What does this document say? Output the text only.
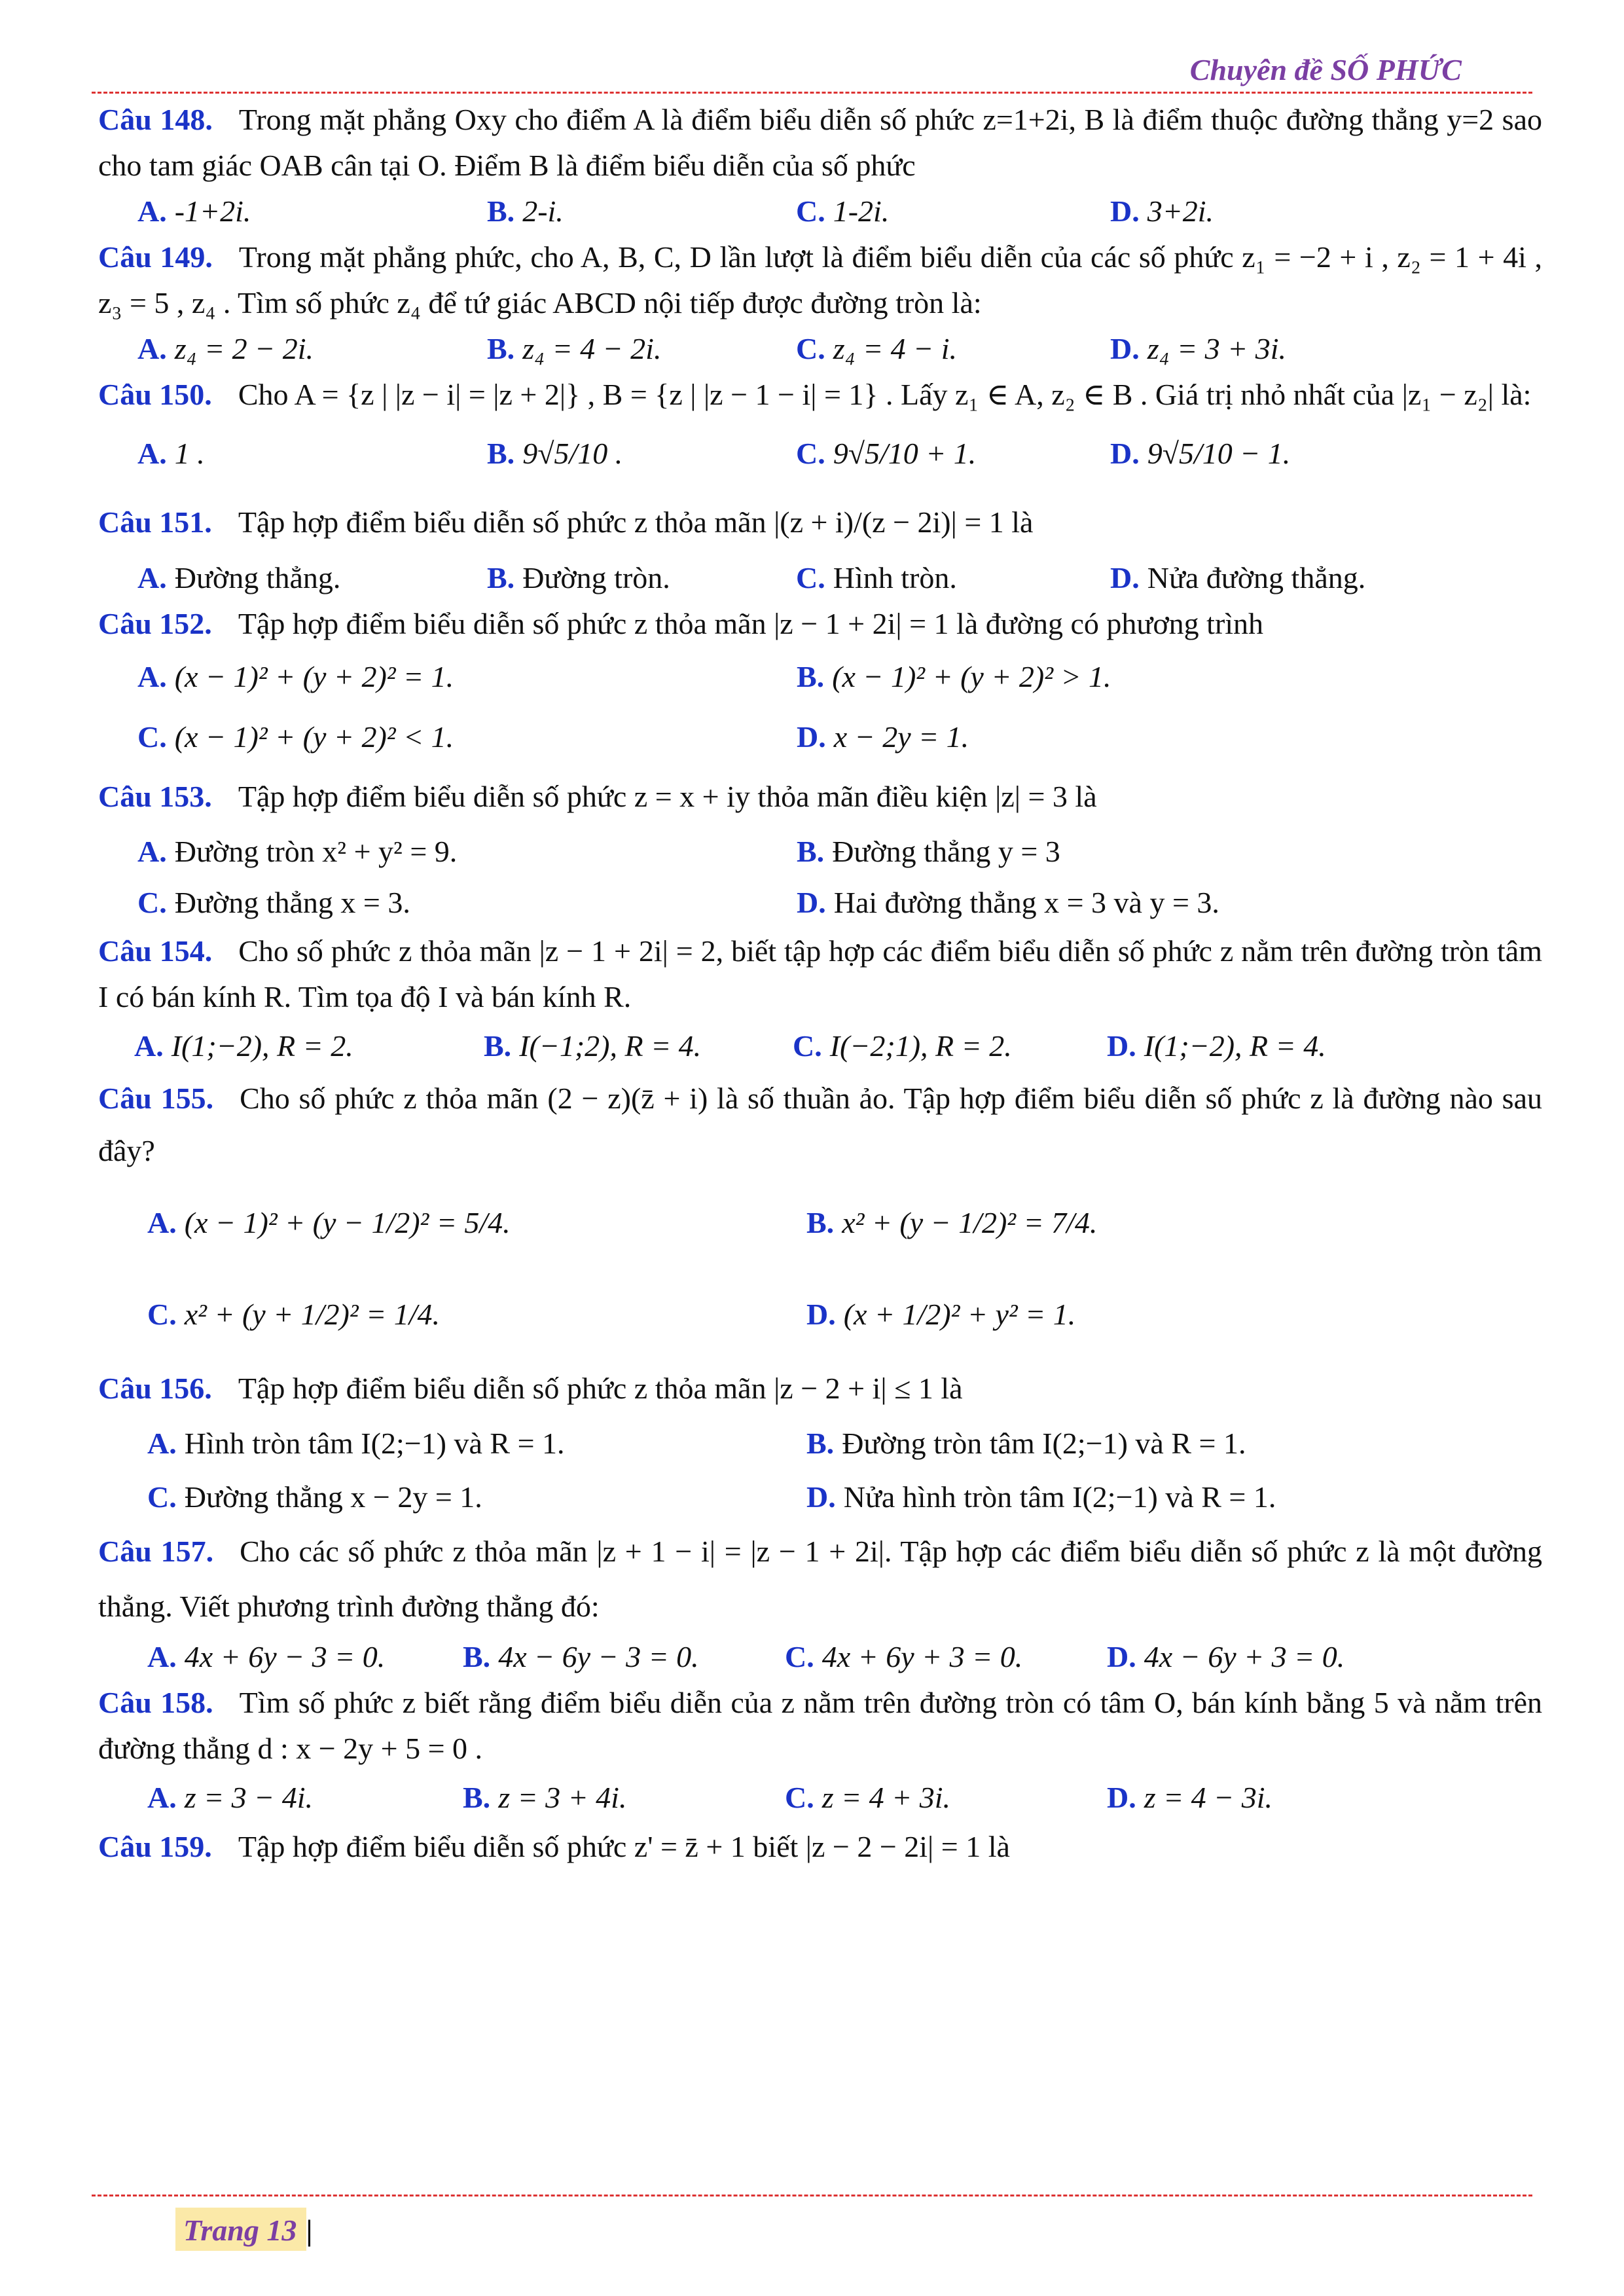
Chuyên đề SỐ PHỨC
Câu 148. Trong mặt phẳng Oxy cho điểm A là điểm biểu diễn số phức z=1+2i, B là điểm thuộc đường thẳng y=2 sao cho tam giác OAB cân tại O. Điểm B là điểm biểu diễn của số phức
A. -1+2i.	B. 2-i.	C. 1-2i.	D. 3+2i.
Câu 149. Trong mặt phẳng phức, cho A, B, C, D lần lượt là điểm biểu diễn của các số phức z₁ = −2 + i , z₂ = 1 + 4i , z₃ = 5 , z₄ . Tìm số phức z₄ để tứ giác ABCD nội tiếp được đường tròn là:
A. z₄ = 2 − 2i.	B. z₄ = 4 − 2i.	C. z₄ = 4 − i.	D. z₄ = 3 + 3i.
Câu 150. Cho A = {z | |z − i| = |z + 2|} , B = {z | |z − 1 − i| = 1} . Lấy z₁ ∈ A, z₂ ∈ B . Giá trị nhỏ nhất của |z₁ − z₂| là:
A. 1 .	B. 9√5/10 .	C. 9√5/10 + 1.	D. 9√5/10 − 1.
Câu 151. Tập hợp điểm biểu diễn số phức z thỏa mãn |(z + i)/(z − 2i)| = 1 là
A. Đường thẳng.	B. Đường tròn.	C. Hình tròn.	D. Nửa đường thẳng.
Câu 152. Tập hợp điểm biểu diễn số phức z thỏa mãn |z − 1 + 2i| = 1 là đường có phương trình
A. (x − 1)² + (y + 2)² = 1.	B. (x − 1)² + (y + 2)² > 1.
C. (x − 1)² + (y + 2)² < 1.	D. x − 2y = 1.
Câu 153. Tập hợp điểm biểu diễn số phức z = x + iy thỏa mãn điều kiện |z| = 3 là
A. Đường tròn x² + y² = 9.	B. Đường thẳng y = 3
C. Đường thẳng x = 3.	D. Hai đường thẳng x = 3 và y = 3.
Câu 154. Cho số phức z thỏa mãn |z − 1 + 2i| = 2, biết tập hợp các điểm biểu diễn số phức z nằm trên đường tròn tâm I có bán kính R. Tìm tọa độ I và bán kính R.
A. I(1;−2), R = 2.	B. I(−1;2), R = 4.	C. I(−2;1), R = 2.	D. I(1;−2), R = 4.
Câu 155. Cho số phức z thỏa mãn (2 − z)(z̄ + i) là số thuần ảo. Tập hợp điểm biểu diễn số phức z là đường nào sau đây?
A. (x − 1)² + (y − 1/2)² = 5/4.	B. x² + (y − 1/2)² = 7/4.
C. x² + (y + 1/2)² = 1/4.	D. (x + 1/2)² + y² = 1.
Câu 156. Tập hợp điểm biểu diễn số phức z thỏa mãn |z − 2 + i| ≤ 1 là
A. Hình tròn tâm I(2;−1) và R = 1.	B. Đường tròn tâm I(2;−1) và R = 1.
C. Đường thẳng x − 2y = 1.	D. Nửa hình tròn tâm I(2;−1) và R = 1.
Câu 157. Cho các số phức z thỏa mãn |z + 1 − i| = |z − 1 + 2i|. Tập hợp các điểm biểu diễn số phức z là một đường thẳng. Viết phương trình đường thẳng đó:
A. 4x + 6y − 3 = 0.	B. 4x − 6y − 3 = 0.	C. 4x + 6y + 3 = 0.	D. 4x − 6y + 3 = 0.
Câu 158. Tìm số phức z biết rằng điểm biểu diễn của z nằm trên đường tròn có tâm O, bán kính bằng 5 và nằm trên đường thẳng d : x − 2y + 5 = 0 .
A. z = 3 − 4i.	B. z = 3 + 4i.	C. z = 4 + 3i.	D. z = 4 − 3i.
Câu 159. Tập hợp điểm biểu diễn số phức z' = z̄ + 1 biết |z − 2 − 2i| = 1 là
Trang 13 |
